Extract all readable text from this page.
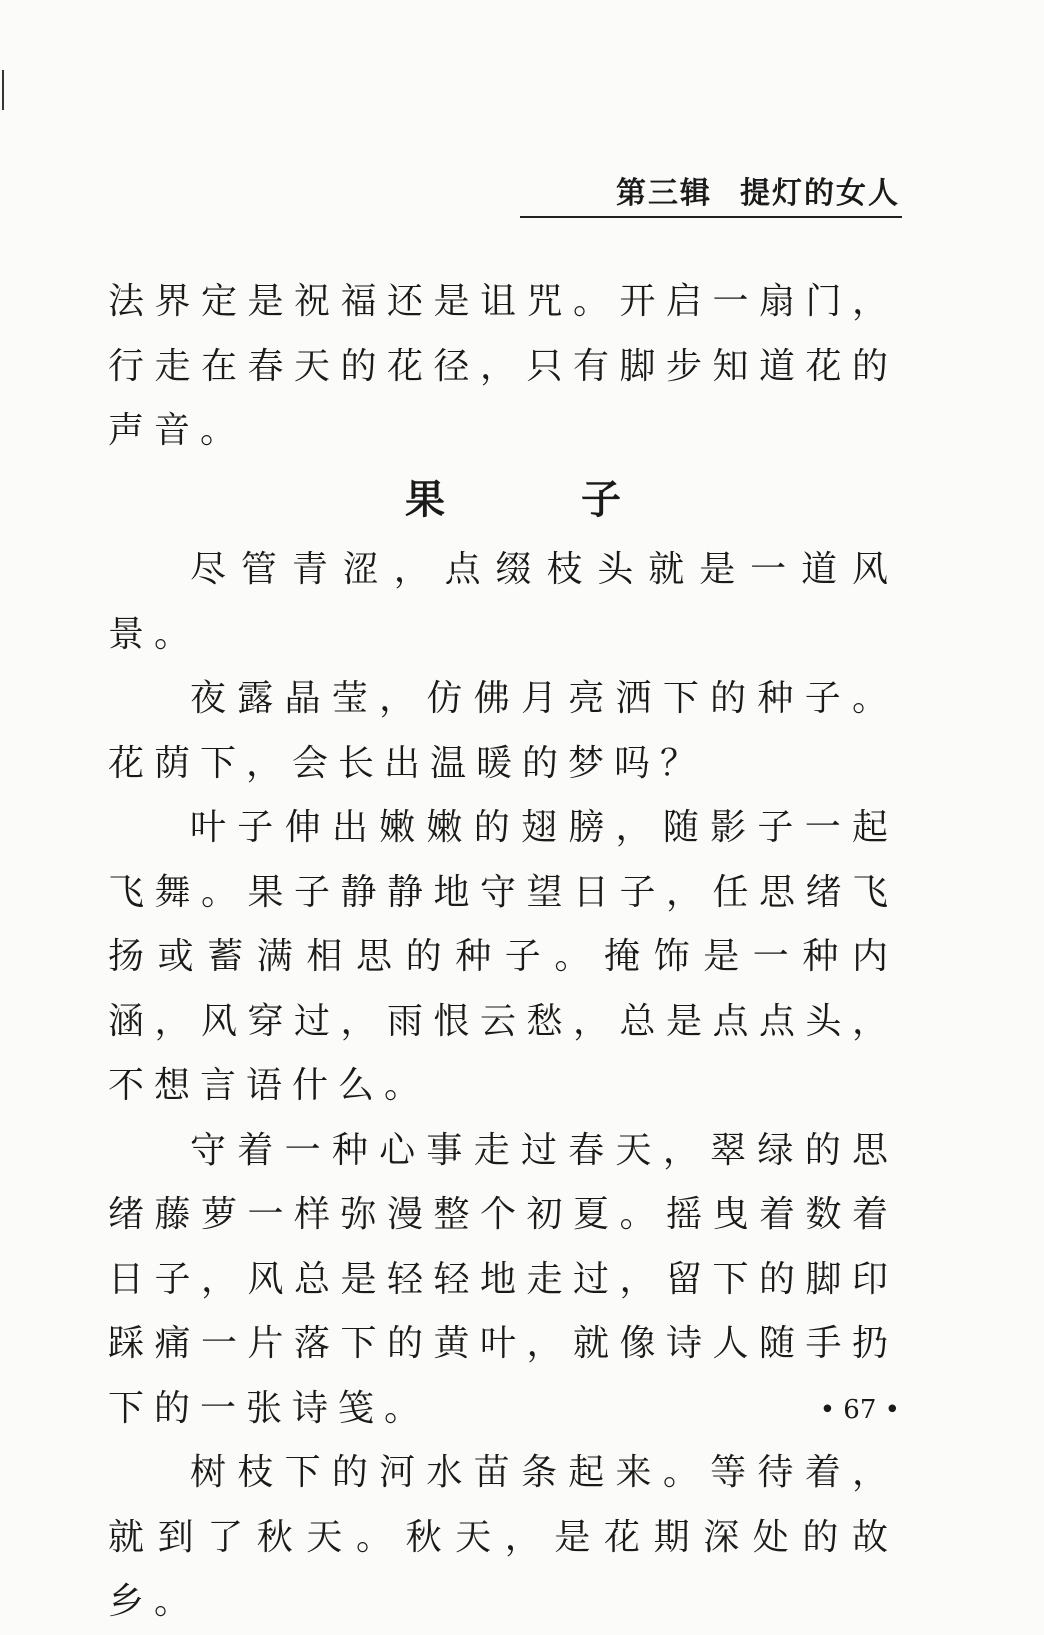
第三辑 提灯的女人

法界定是祝福还是诅咒。开启一扇门，行走在春天的花径，只有脚步知道花的声音。

果　子

尽管青涩，点缀枝头就是一道风景。

夜露晶莹，仿佛月亮洒下的种子。花荫下，会长出温暖的梦吗？

叶子伸出嫩嫩的翅膀，随影子一起飞舞。果子静静地守望日子，任思绪飞扬或蓄满相思的种子。掩饰是一种内涵，风穿过，雨恨云愁，总是点点头，不想言语什么。

守着一种心事走过春天，翠绿的思绪藤萝一样弥漫整个初夏。摇曳着数着日子，风总是轻轻地走过，留下的脚印踩痛一片落下的黄叶，就像诗人随手扔下的一张诗笺。

树枝下的河水苗条起来。等待着，就到了秋天。秋天，是花期深处的故乡。

• 67 •
